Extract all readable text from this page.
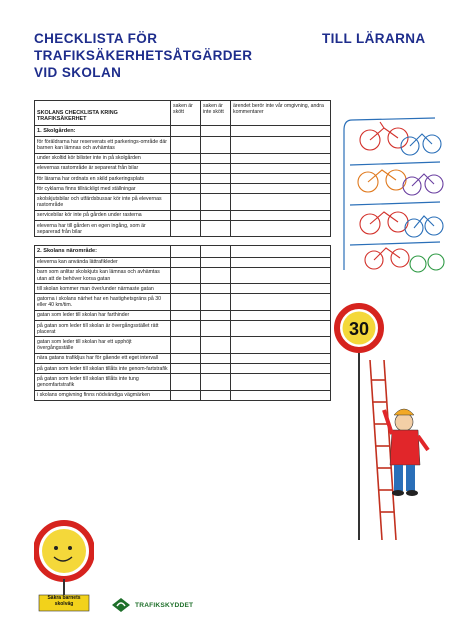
CHECKLISTA FÖR
TRAFIKSÄKERHETSÅTGÄRDER
VID SKOLAN
TILL LÄRARNA
SKOLANS CHECKLISTA KRING TRAFIKSÄKERHET	saken är skött	saken är inte skött	ärendet berör inte vår omgivning, andra kommentarer
1. Skolgården:			
för föräldrarna har reserverats ett parkerings-område där barnen kan lämnas och avhämtas			
under skoltid kör bilister inte in på skolgården			
elevernas rastområde är separerat från bilar			
för lärarna har ordnats en skild parkeringsplats			
för cyklarna finns tillräckligt med ställningar			
skolskjutsbilar och utfärdsbussar kör inte på elevernas rastområde			
servicebilar kör inte på gården under rasterna			
eleverna har till gården en egen ingång, som är separerad från bilar			

2. Skolans närområde:			
eleverna kan använda lättrafikleder			
barn som anlitar skolskjuts kan lämnas och avhämtas utan att de behöver korsa gatan			
till skolan kommer man över/under närmaste gatan			
gatorna i skolans närhet har en hastighetsgräns på 30 eller 40 km/tim.			
gatan som leder till skolan har farthinder			
på gatan som leder till skolan är övergångsstället rätt placerat			
gatan som leder till skolan har ett upphöjt övergångsställe			
nära gatans trafikljus har för gående ett eget intervall			
på gatan som leder till skolan tillåts inte genom-fartstrafik			
på gatan som leder till skolan tillåts inte tung genomfartstrafik			
i skolans omgivning finns nödvändiga vägmärken			
30
Säkra barnets skolväg	TRAFIKSKYDDET
